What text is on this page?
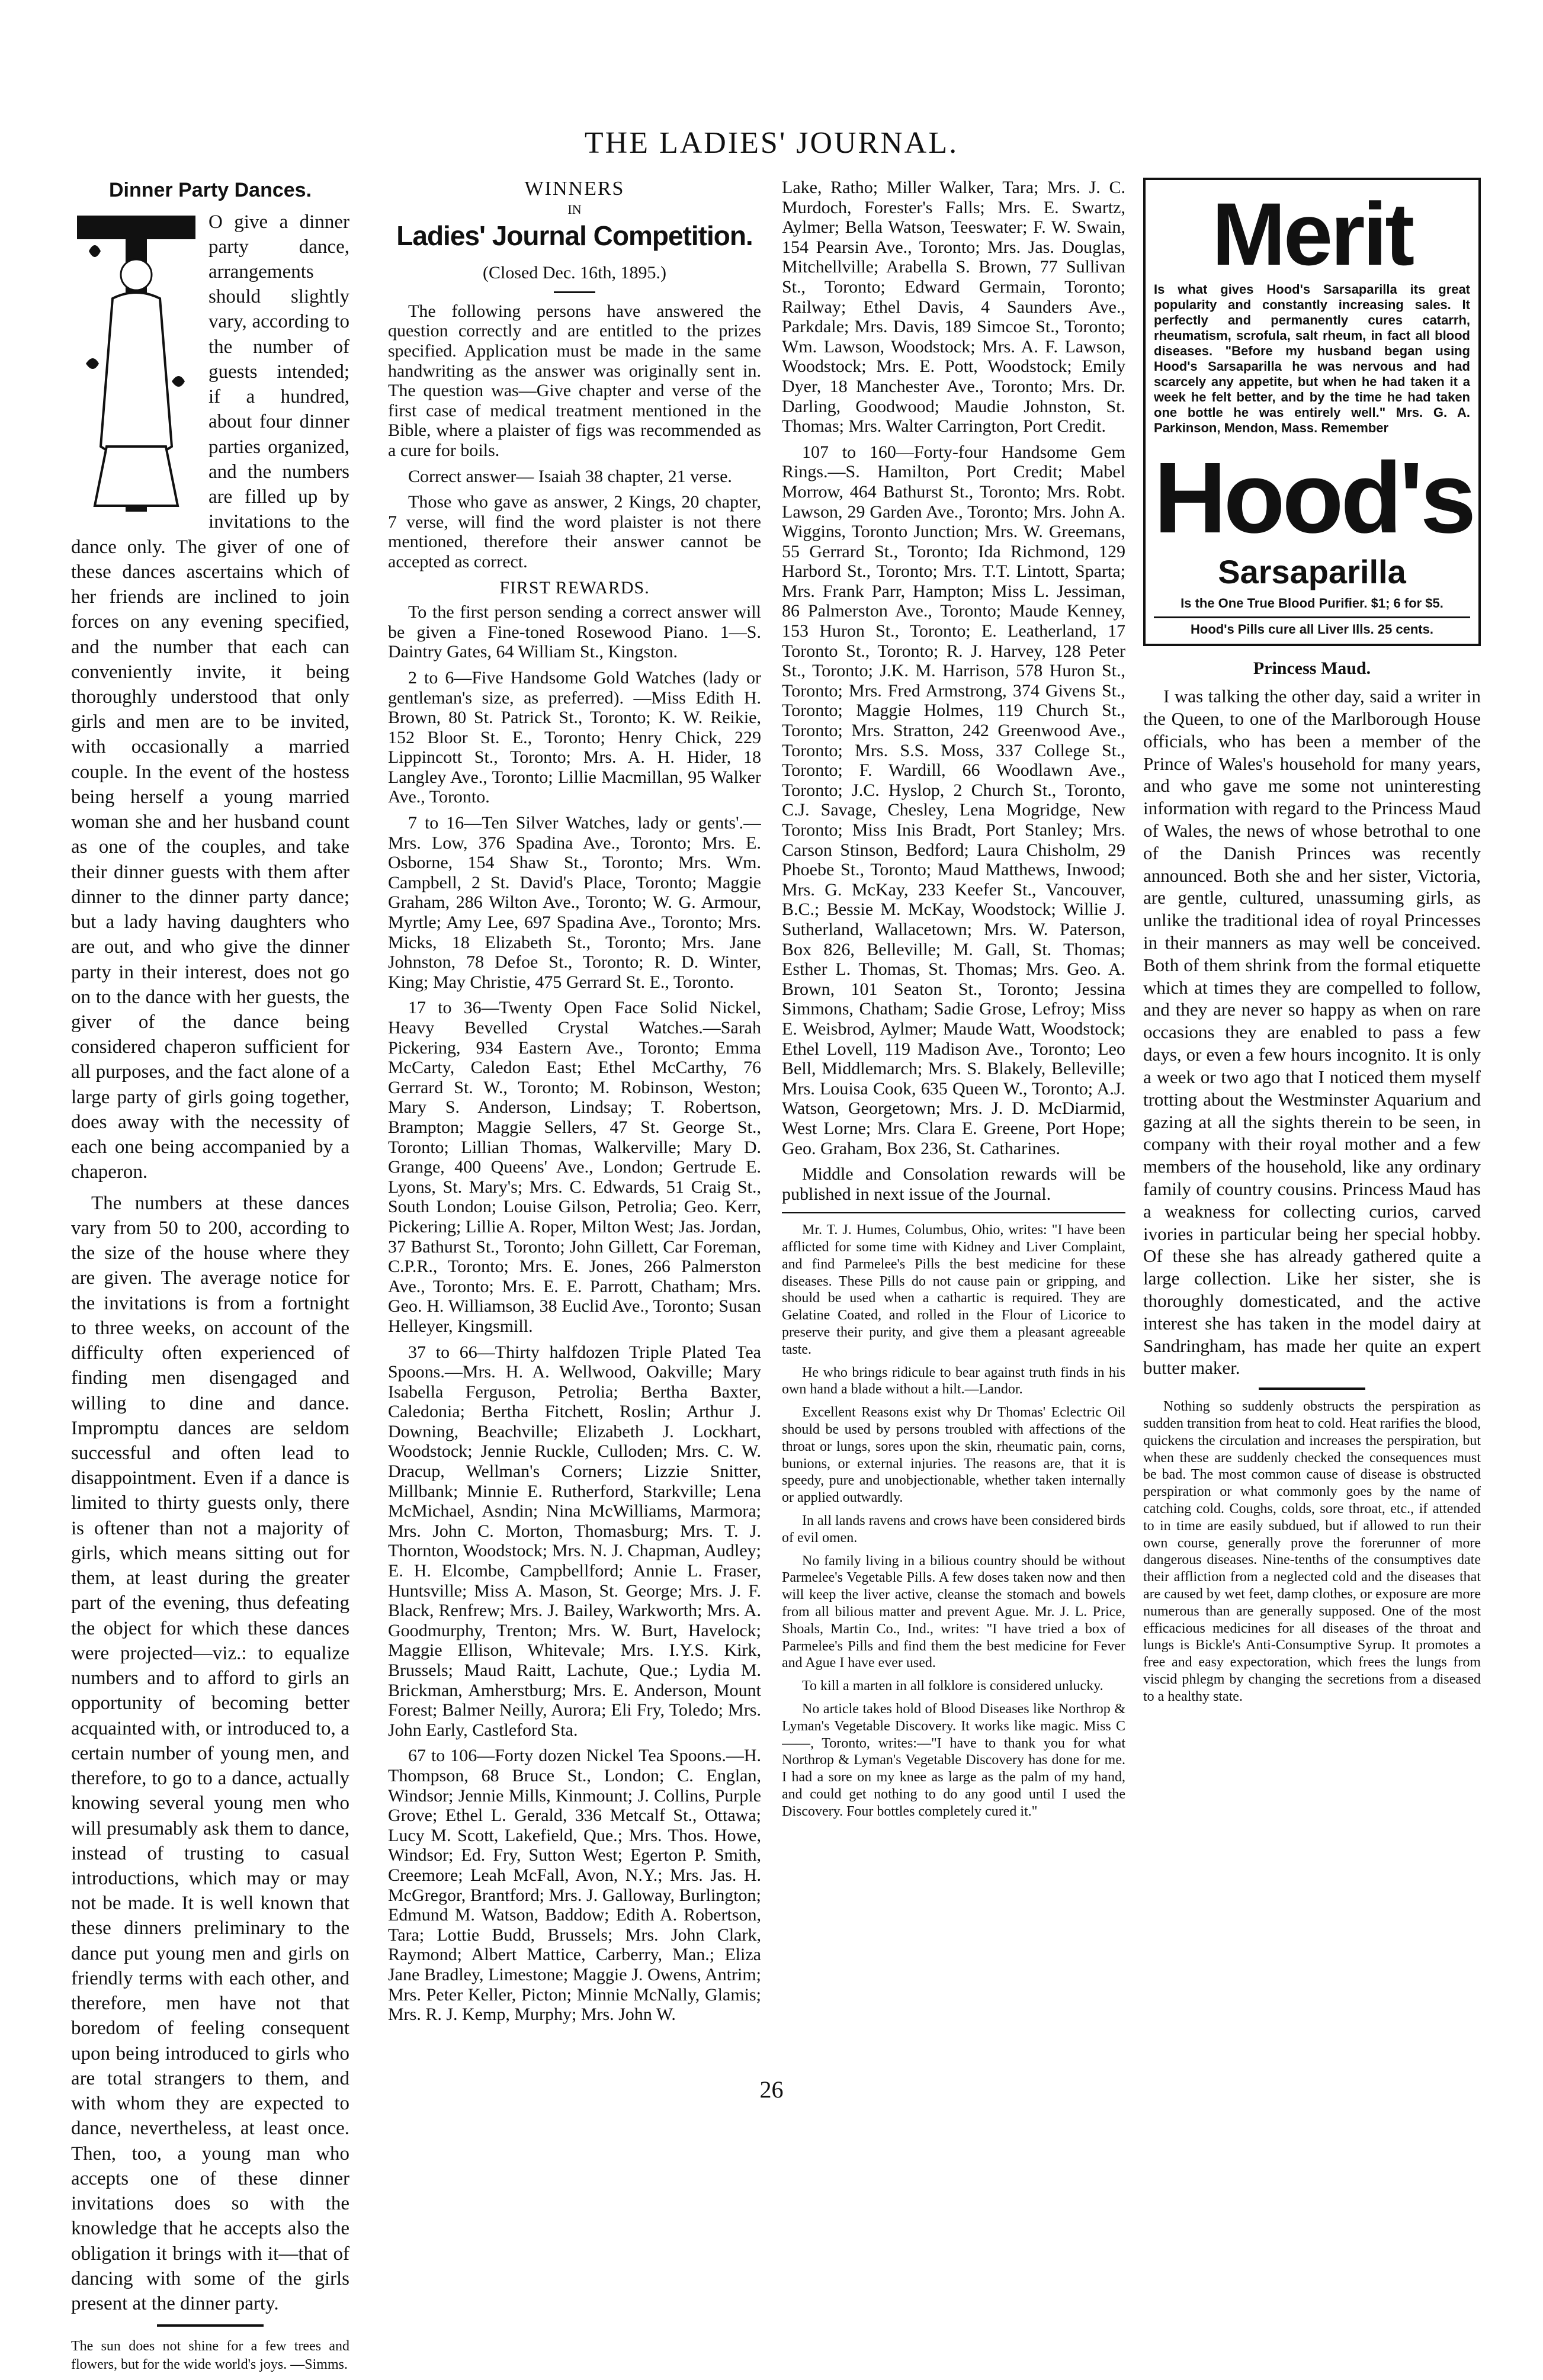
THE LADIES' JOURNAL.
Dinner Party Dances.

O give a dinner party dance, arrangements should slightly vary, according to the number of guests intended; if a hundred, about four dinner parties organized, and the numbers are filled up by invitations to the dance only. The giver of one of these dances ascertains which of her friends are inclined to join forces on any evening specified, and the number that each can conveniently invite, it being thoroughly understood that only girls and men are to be invited, with occasionally a married couple. In the event of the hostess being herself a young married woman she and her husband count as one of the couples, and take their dinner guests with them after dinner to the dinner party dance; but a lady having daughters who are out, and who give the dinner party in their interest, does not go on to the dance with her guests, the giver of the dance being considered chaperon sufficient for all purposes, and the fact alone of a large party of girls going together, does away with the necessity of each one being accompanied by a chaperon.

The numbers at these dances vary from 50 to 200, according to the size of the house where they are given. The average notice for the invitations is from a fortnight to three weeks, on account of the difficulty often experienced of finding men disengaged and willing to dine and dance. Impromptu dances are seldom successful and often lead to disappointment. Even if a dance is limited to thirty guests only, there is oftener than not a majority of girls, which means sitting out for them, at least during the greater part of the evening, thus defeating the object for which these dances were projected—viz.: to equalize numbers and to afford to girls an opportunity of becoming better acquainted with, or introduced to, a certain number of young men, and therefore, to go to a dance, actually knowing several young men who will presumably ask them to dance, instead of trusting to casual introductions, which may or may not be made. It is well known that these dinners preliminary to the dance put young men and girls on friendly terms with each other, and therefore, men have not that boredom of feeling consequent upon being introduced to girls who are total strangers to them, and with whom they are expected to dance, nevertheless, at least once. Then, too, a young man who accepts one of these dinner invitations does so with the knowledge that he accepts also the obligation it brings with it—that of dancing with some of the girls present at the dinner party.

The sun does not shine for a few trees and flowers, but for the wide world's joys. —Simms.

WINNERS
IN
Ladies' Journal Competition.
(Closed Dec. 16th, 1895.)

The following persons have answered the question correctly and are entitled to the prizes specified. Application must be made in the same handwriting as the answer was originally sent in. The question was—Give chapter and verse of the first case of medical treatment mentioned in the Bible, where a plaister of figs was recommended as a cure for boils.

Correct answer— Isaiah 38 chapter, 21 verse.

Those who gave as answer, 2 Kings, 20 chapter, 7 verse, will find the word plaister is not there mentioned, therefore their answer cannot be accepted as correct.

FIRST REWARDS.

To the first person sending a correct answer will be given a Fine-toned Rosewood Piano. 1—S. Daintry Gates, 64 William St., Kingston.

2 to 6—Five Handsome Gold Watches (lady or gentleman's size, as preferred). —Miss Edith H. Brown, 80 St. Patrick St., Toronto; K. W. Reikie, 152 Bloor St. E., Toronto; Henry Chick, 229 Lippincott St., Toronto; Mrs. A. H. Hider, 18 Langley Ave., Toronto; Lillie Macmillan, 95 Walker Ave., Toronto.

7 to 16—Ten Silver Watches, lady or gents'.—Mrs. Low, 376 Spadina Ave., Toronto; Mrs. E. Osborne, 154 Shaw St., Toronto; Mrs. Wm. Campbell, 2 St. David's Place, Toronto; Maggie Graham, 286 Wilton Ave., Toronto; W. G. Armour, Myrtle; Amy Lee, 697 Spadina Ave., Toronto; Mrs. Micks, 18 Elizabeth St., Toronto; Mrs. Jane Johnston, 78 Defoe St., Toronto; R. D. Winter, King; May Christie, 475 Gerrard St. E., Toronto.

17 to 36—Twenty Open Face Solid Nickel, Heavy Bevelled Crystal Watches.—Sarah Pickering, 934 Eastern Ave., Toronto; Emma McCarty, Caledon East; Ethel McCarthy, 76 Gerrard St. W., Toronto; M. Robinson, Weston; Mary S. Anderson, Lindsay; T. Robertson, Brampton; Maggie Sellers, 47 St. George St., Toronto; Lillian Thomas, Walkerville; Mary D. Grange, 400 Queens' Ave., London; Gertrude E. Lyons, St. Mary's; Mrs. C. Edwards, 51 Craig St., South London; Louise Gilson, Petrolia; Geo. Kerr, Pickering; Lillie A. Roper, Milton West; Jas. Jordan, 37 Bathurst St., Toronto; John Gillett, Car Foreman, C.P.R., Toronto; Mrs. E. Jones, 266 Palmerston Ave., Toronto; Mrs. E. E. Parrott, Chatham; Mrs. Geo. H. Williamson, 38 Euclid Ave., Toronto; Susan Helleyer, Kingsmill.

37 to 66—Thirty halfdozen Triple Plated Tea Spoons.—Mrs. H. A. Wellwood, Oakville; Mary Isabella Ferguson, Petrolia; Bertha Baxter, Caledonia; Bertha Fitchett, Roslin; Arthur J. Downing, Beachville; Elizabeth J. Lockhart, Woodstock; Jennie Ruckle, Culloden; Mrs. C. W. Dracup, Wellman's Corners; Lizzie Snitter, Millbank; Minnie E. Rutherford, Starkville; Lena McMichael, Asndin; Nina McWilliams, Marmora; Mrs. John C. Morton, Thomasburg; Mrs. T. J. Thornton, Woodstock; Mrs. N. J. Chapman, Audley; E. H. Elcombe, Campbellford; Annie L. Fraser, Huntsville; Miss A. Mason, St. George; Mrs. J. F. Black, Renfrew; Mrs. J. Bailey, Warkworth; Mrs. A. Goodmurphy, Trenton; Mrs. W. Burt, Havelock; Maggie Ellison, Whitevale; Mrs. I.Y.S. Kirk, Brussels; Maud Raitt, Lachute, Que.; Lydia M. Brickman, Amherstburg; Mrs. E. Anderson, Mount Forest; Balmer Neilly, Aurora; Eli Fry, Toledo; Mrs. John Early, Castleford Sta.

67 to 106—Forty dozen Nickel Tea Spoons.—H. Thompson, 68 Bruce St., London; C. Englan, Windsor; Jennie Mills, Kinmount; J. Collins, Purple Grove; Ethel L. Gerald, 336 Metcalf St., Ottawa; Lucy M. Scott, Lakefield, Que.; Mrs. Thos. Howe, Windsor; Ed. Fry, Sutton West; Egerton P. Smith, Creemore; Leah McFall, Avon, N.Y.; Mrs. Jas. H. McGregor, Brantford; Mrs. J. Galloway, Burlington; Edmund M. Watson, Baddow; Edith A. Robertson, Tara; Lottie Budd, Brussels; Mrs. John Clark, Raymond; Albert Mattice, Carberry, Man.; Eliza Jane Bradley, Limestone; Maggie J. Owens, Antrim; Mrs. Peter Keller, Picton; Minnie McNally, Glamis; Mrs. R. J. Kemp, Murphy; Mrs. John W.

Lake, Ratho; Miller Walker, Tara; Mrs. J. C. Murdoch, Forester's Falls; Mrs. E. Swartz, Aylmer; Bella Watson, Teeswater; F. W. Swain, 154 Pearsin Ave., Toronto; Mrs. Jas. Douglas, Mitchellville; Arabella S. Brown, 77 Sullivan St., Toronto; Edward Germain, Toronto; Railway; Ethel Davis, 4 Saunders Ave., Parkdale; Mrs. Davis, 189 Simcoe St., Toronto; Wm. Lawson, Woodstock; Mrs. A. F. Lawson, Woodstock; Mrs. E. Pott, Woodstock; Emily Dyer, 18 Manchester Ave., Toronto; Mrs. Dr. Darling, Goodwood; Maudie Johnston, St. Thomas; Mrs. Walter Carrington, Port Credit.

107 to 160—Forty-four Handsome Gem Rings.—S. Hamilton, Port Credit; Mabel Morrow, 464 Bathurst St., Toronto; Mrs. Robt. Lawson, 29 Garden Ave., Toronto; Mrs. John A. Wiggins, Toronto Junction; Mrs. W. Greemans, 55 Gerrard St., Toronto; Ida Richmond, 129 Harbord St., Toronto; Mrs. T.T. Lintott, Sparta; Mrs. Frank Parr, Hampton; Miss L. Jessiman, 86 Palmerston Ave., Toronto; Maude Kenney, 153 Huron St., Toronto; E. Leatherland, 17 Toronto St., Toronto; R. J. Harvey, 128 Peter St., Toronto; J.K. M. Harrison, 578 Huron St., Toronto; Mrs. Fred Armstrong, 374 Givens St., Toronto; Maggie Holmes, 119 Church St., Toronto; Mrs. Stratton, 242 Greenwood Ave., Toronto; Mrs. S.S. Moss, 337 College St., Toronto; F. Wardill, 66 Woodlawn Ave., Toronto; J.C. Hyslop, 2 Church St., Toronto, C.J. Savage, Chesley, Lena Mogridge, New Toronto; Miss Inis Bradt, Port Stanley; Mrs. Carson Stinson, Bedford; Laura Chisholm, 29 Phoebe St., Toronto; Maud Matthews, Inwood; Mrs. G. McKay, 233 Keefer St., Vancouver, B.C.; Bessie M. McKay, Woodstock; Willie J. Sutherland, Wallacetown; Mrs. W. Paterson, Box 826, Belleville; M. Gall, St. Thomas; Esther L. Thomas, St. Thomas; Mrs. Geo. A. Brown, 101 Seaton St., Toronto; Jessina Simmons, Chatham; Sadie Grose, Lefroy; Miss E. Weisbrod, Aylmer; Maude Watt, Woodstock; Ethel Lovell, 119 Madison Ave., Toronto; Leo Bell, Middlemarch; Mrs. S. Blakely, Belleville; Mrs. Louisa Cook, 635 Queen W., Toronto; A.J. Watson, Georgetown; Mrs. J. D. McDiarmid, West Lorne; Mrs. Clara E. Greene, Port Hope; Geo. Graham, Box 236, St. Catharines.

Middle and Consolation rewards will be published in next issue of the Journal.

Mr. T. J. Humes, Columbus, Ohio, writes: "I have been afflicted for some time with Kidney and Liver Complaint, and find Parmelee's Pills the best medicine for these diseases. These Pills do not cause pain or gripping, and should be used when a cathartic is required. They are Gelatine Coated, and rolled in the Flour of Licorice to preserve their purity, and give them a pleasant agreeable taste.

He who brings ridicule to bear against truth finds in his own hand a blade without a hilt.—Landor.

Excellent Reasons exist why Dr Thomas' Eclectric Oil should be used by persons troubled with affections of the throat or lungs, sores upon the skin, rheumatic pain, corns, bunions, or external injuries. The reasons are, that it is speedy, pure and unobjectionable, whether taken internally or applied outwardly.

In all lands ravens and crows have been considered birds of evil omen.

No family living in a bilious country should be without Parmelee's Vegetable Pills. A few doses taken now and then will keep the liver active, cleanse the stomach and bowels from all bilious matter and prevent Ague. Mr. J. L. Price, Shoals, Martin Co., Ind., writes: "I have tried a box of Parmelee's Pills and find them the best medicine for Fever and Ague I have ever used.

To kill a marten in all folklore is considered unlucky.

No article takes hold of Blood Diseases like Northrop & Lyman's Vegetable Discovery. It works like magic. Miss C——, Toronto, writes:—"I have to thank you for what Northrop & Lyman's Vegetable Discovery has done for me. I had a sore on my knee as large as the palm of my hand, and could get nothing to do any good until I used the Discovery. Four bottles completely cured it."

Merit
Is what gives Hood's Sarsaparilla its great popularity and constantly increasing sales. It perfectly and permanently cures catarrh, rheumatism, scrofula, salt rheum, in fact all blood diseases. "Before my husband began using Hood's Sarsaparilla he was nervous and had scarcely any appetite, but when he had taken it a week he felt better, and by the time he had taken one bottle he was entirely well." Mrs. G. A. Parkinson, Mendon, Mass. Remember
Hood's
Sarsaparilla
Is the One True Blood Purifier. $1; 6 for $5.
Hood's Pills cure all Liver Ills. 25 cents.
Princess Maud.

I was talking the other day, said a writer in the Queen, to one of the Marlborough House officials, who has been a member of the Prince of Wales's household for many years, and who gave me some not uninteresting information with regard to the Princess Maud of Wales, the news of whose betrothal to one of the Danish Princes was recently announced. Both she and her sister, Victoria, are gentle, cultured, unassuming girls, as unlike the traditional idea of royal Princesses in their manners as may well be conceived. Both of them shrink from the formal etiquette which at times they are compelled to follow, and they are never so happy as when on rare occasions they are enabled to pass a few days, or even a few hours incognito. It is only a week or two ago that I noticed them myself trotting about the Westminster Aquarium and gazing at all the sights therein to be seen, in company with their royal mother and a few members of the household, like any ordinary family of country cousins. Princess Maud has a weakness for collecting curios, carved ivories in particular being her special hobby. Of these she has already gathered quite a large collection. Like her sister, she is thoroughly domesticated, and the active interest she has taken in the model dairy at Sandringham, has made her quite an expert butter maker.

Nothing so suddenly obstructs the perspiration as sudden transition from heat to cold. Heat rarifies the blood, quickens the circulation and increases the perspiration, but when these are suddenly checked the consequences must be bad. The most common cause of disease is obstructed perspiration or what commonly goes by the name of catching cold. Coughs, colds, sore throat, etc., if attended to in time are easily subdued, but if allowed to run their own course, generally prove the forerunner of more dangerous diseases. Nine-tenths of the consumptives date their affliction from a neglected cold and the diseases that are caused by wet feet, damp clothes, or exposure are more numerous than are generally supposed. One of the most efficacious medicines for all diseases of the throat and lungs is Bickle's Anti-Consumptive Syrup. It promotes a free and easy expectoration, which frees the lungs from viscid phlegm by changing the secretions from a diseased to a healthy state.

26
